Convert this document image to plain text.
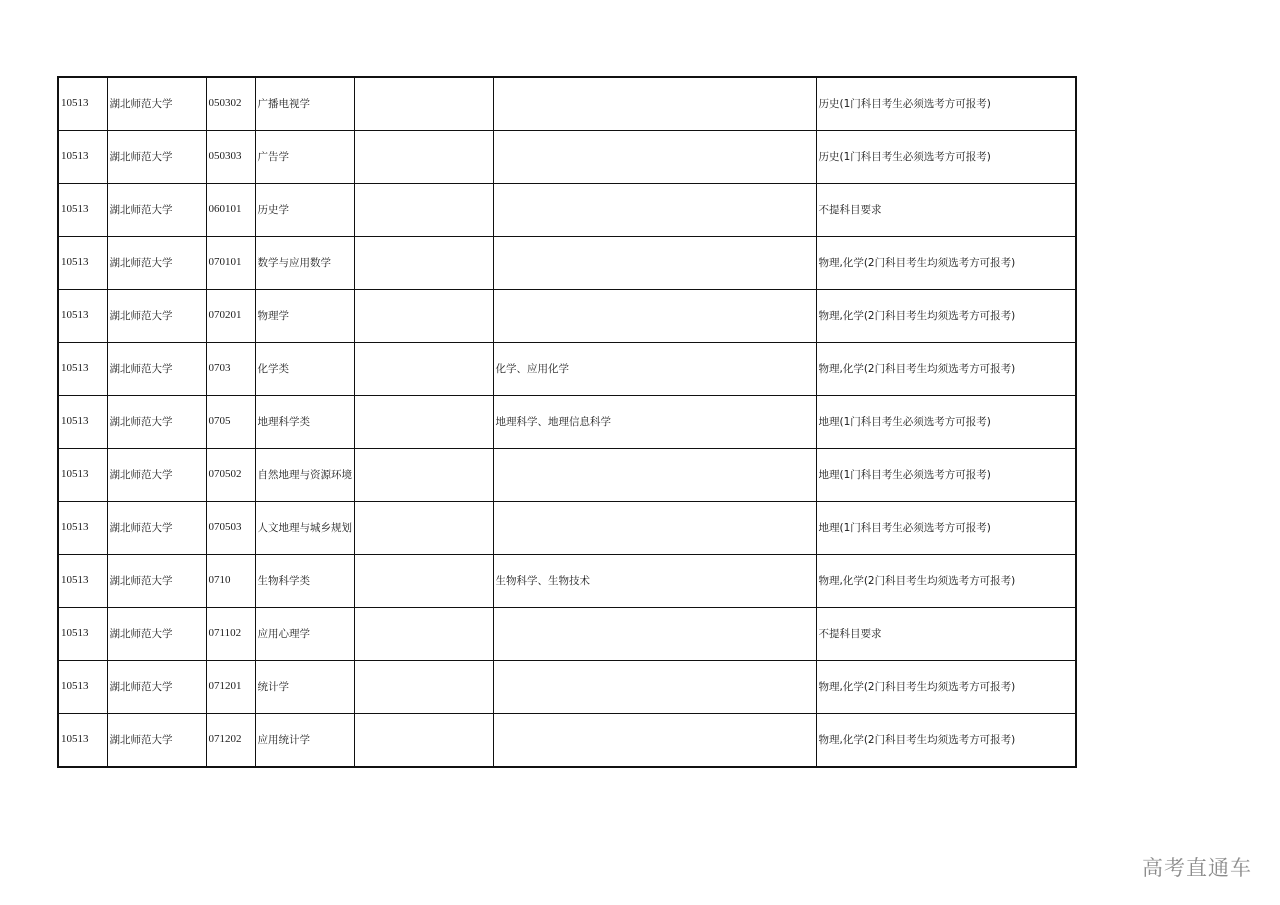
10513	湖北师范大学	050302	广播电视学			历史(1门科目考生必须选考方可报考)
10513	湖北师范大学	050303	广告学			历史(1门科目考生必须选考方可报考)
10513	湖北师范大学	060101	历史学			不提科目要求
10513	湖北师范大学	070101	数学与应用数学			物理,化学(2门科目考生均须选考方可报考)
10513	湖北师范大学	070201	物理学			物理,化学(2门科目考生均须选考方可报考)
10513	湖北师范大学	0703	化学类		化学、应用化学	物理,化学(2门科目考生均须选考方可报考)
10513	湖北师范大学	0705	地理科学类		地理科学、地理信息科学	地理(1门科目考生必须选考方可报考)
10513	湖北师范大学	070502	自然地理与资源环境			地理(1门科目考生必须选考方可报考)
10513	湖北师范大学	070503	人文地理与城乡规划			地理(1门科目考生必须选考方可报考)
10513	湖北师范大学	0710	生物科学类		生物科学、生物技术	物理,化学(2门科目考生均须选考方可报考)
10513	湖北师范大学	071102	应用心理学			不提科目要求
10513	湖北师范大学	071201	统计学			物理,化学(2门科目考生均须选考方可报考)
10513	湖北师范大学	071202	应用统计学			物理,化学(2门科目考生均须选考方可报考)
高考直通车
